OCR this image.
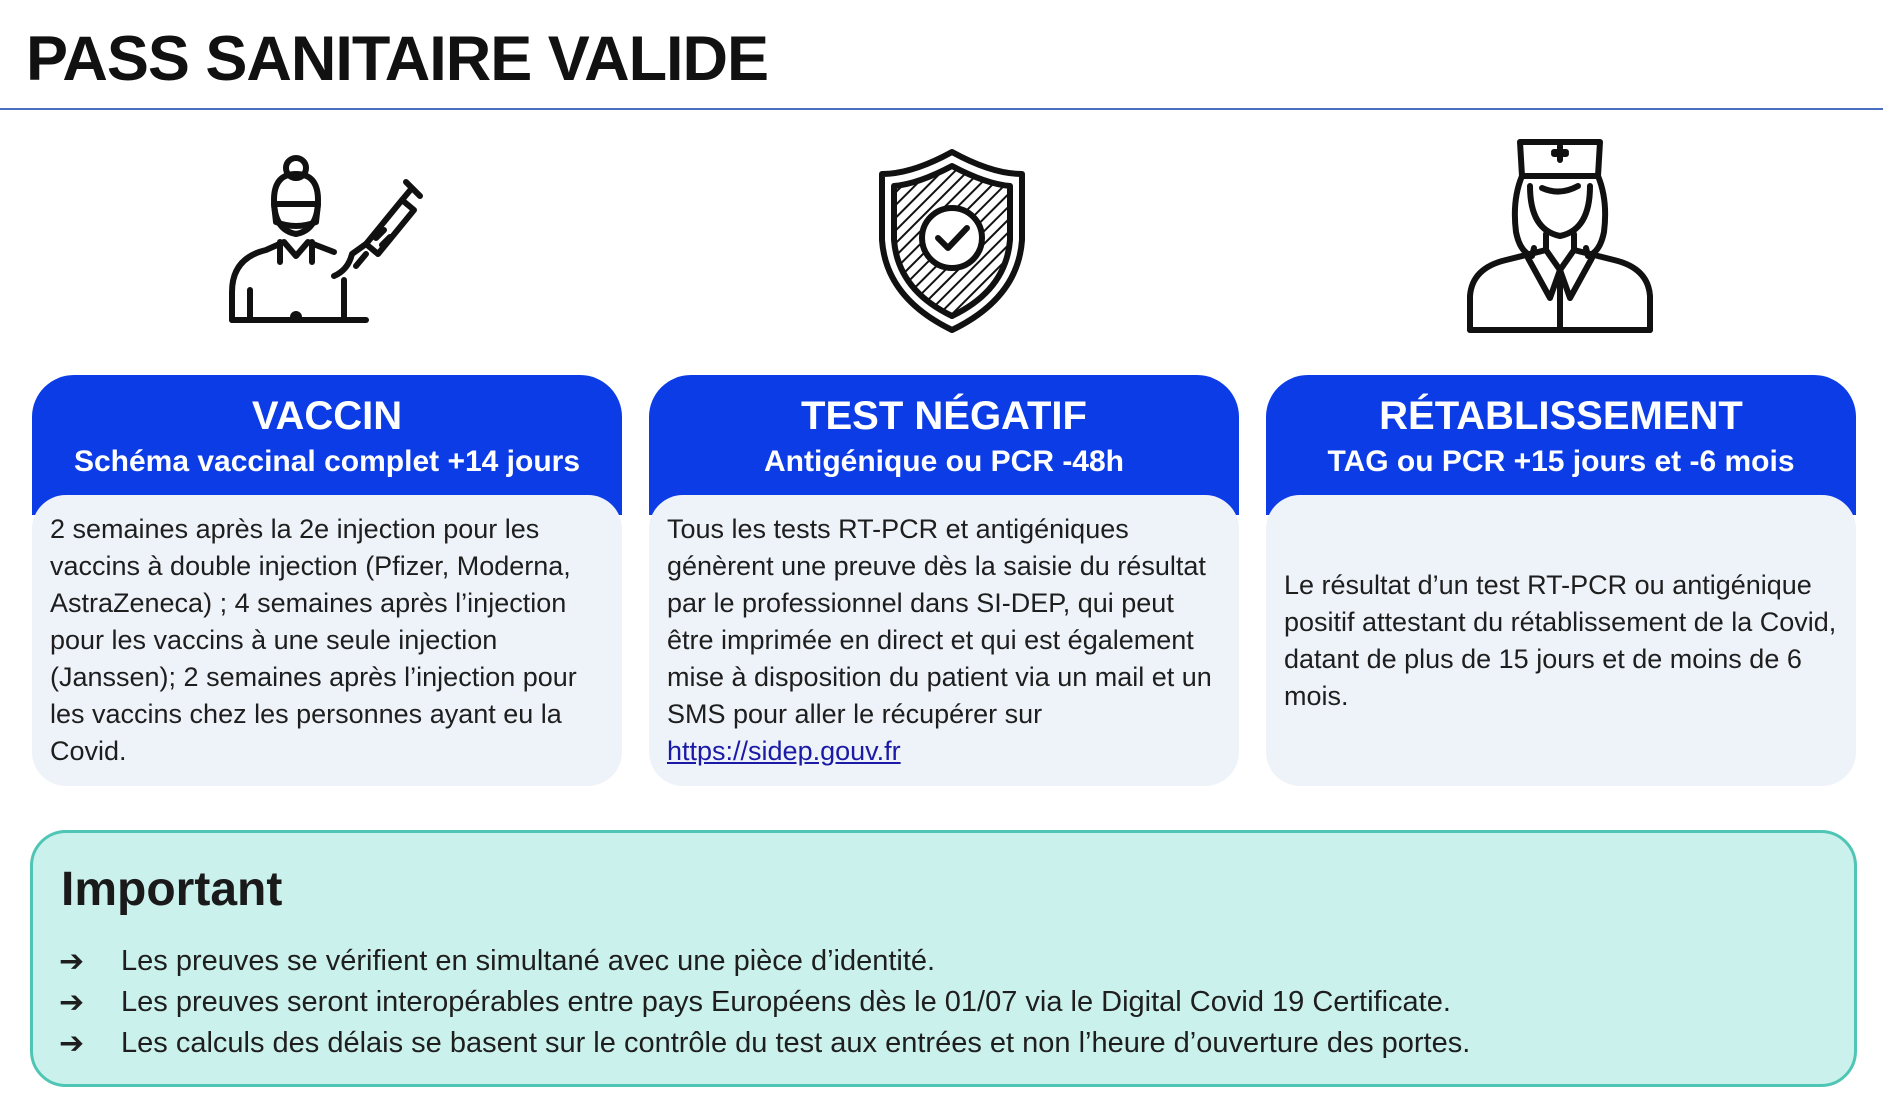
PASS SANITAIRE VALIDE
VACCIN
Schéma vaccinal complet +14 jours

2 semaines après la 2e injection pour les vaccins à double injection (Pfizer, Moderna, AstraZeneca) ; 4 semaines après l’injection pour les vaccins à une seule injection (Janssen); 2 semaines après l’injection pour les vaccins chez les personnes ayant eu la Covid.

TEST NÉGATIF
Antigénique ou PCR -48h

Tous les tests RT-PCR et antigéniques génèrent une preuve dès la saisie du résultat par le professionnel dans SI-DEP, qui peut être imprimée en direct et qui est également mise à disposition du patient via un mail et un SMS pour aller le récupérer sur https://sidep.gouv.fr

RÉTABLISSEMENT
TAG ou PCR +15 jours et -6 mois

Le résultat d’un test RT-PCR ou antigénique positif attestant du rétablissement de la Covid, datant de plus de 15 jours et de moins de 6 mois.

Important
➔	Les preuves se vérifient en simultané avec une pièce d’identité.
➔	Les preuves seront interopérables entre pays Européens dès le 01/07 via le Digital Covid 19 Certificate.
➔	Les calculs des délais se basent sur le contrôle du test aux entrées et non l’heure d’ouverture des portes.
